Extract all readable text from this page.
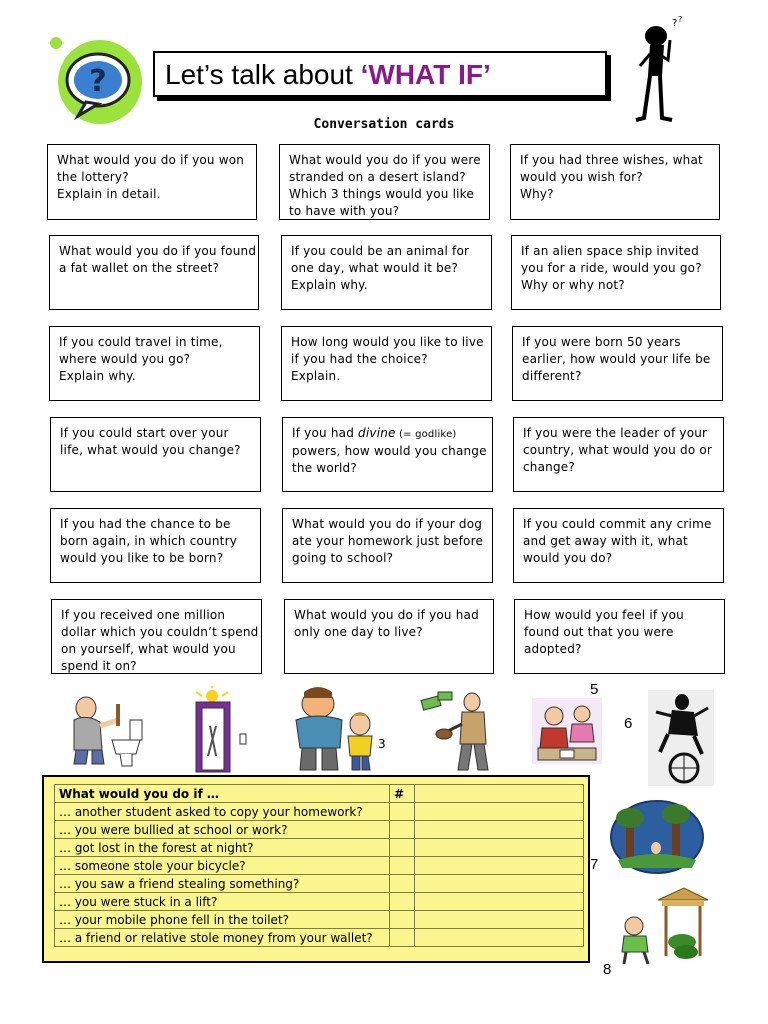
?	Let’s talk about ‘WHAT IF’
? ?
Conversation cards
What would you do if you won
the lottery?
Explain in detail.
What would you do if you were
stranded on a desert island?
Which 3 things would you like
to have with you?
If you had three wishes, what
would you wish for?
Why?
What would you do if you found
a fat wallet on the street?
If you could be an animal for
one day, what would it be?
Explain why.
If an alien space ship invited
you for a ride, would you go?
Why or why not?
If you could travel in time,
where would you go?
Explain why.
How long would you like to live
if you had the choice?
Explain.
If you were born 50 years
earlier, how would your life be
different?
If you could start over your
life, what would you change?
If you had divine (= godlike)
powers, how would you change
the world?
If you were the leader of your
country, what would you do or
change?
If you had the chance to be
born again, in which country
would you like to be born?
What would you do if your dog
ate your homework just before
going to school?
If you could commit any crime
and get away with it, what
would you do?
If you received one million
dollar which you couldn’t spend
on yourself, what would you
spend it on?
What would you do if you had
only one day to live?
How would you feel if you
found out that you were
adopted?
3
5
6
7
8
What would you do if …	#	
… another student asked to copy your homework?		
… you were bullied at school or work?		
… got lost in the forest at night?		
… someone stole your bicycle?		
… you saw a friend stealing something?		
… you were stuck in a lift?		
… your mobile phone fell in the toilet?		
… a friend or relative stole money from your wallet?		
